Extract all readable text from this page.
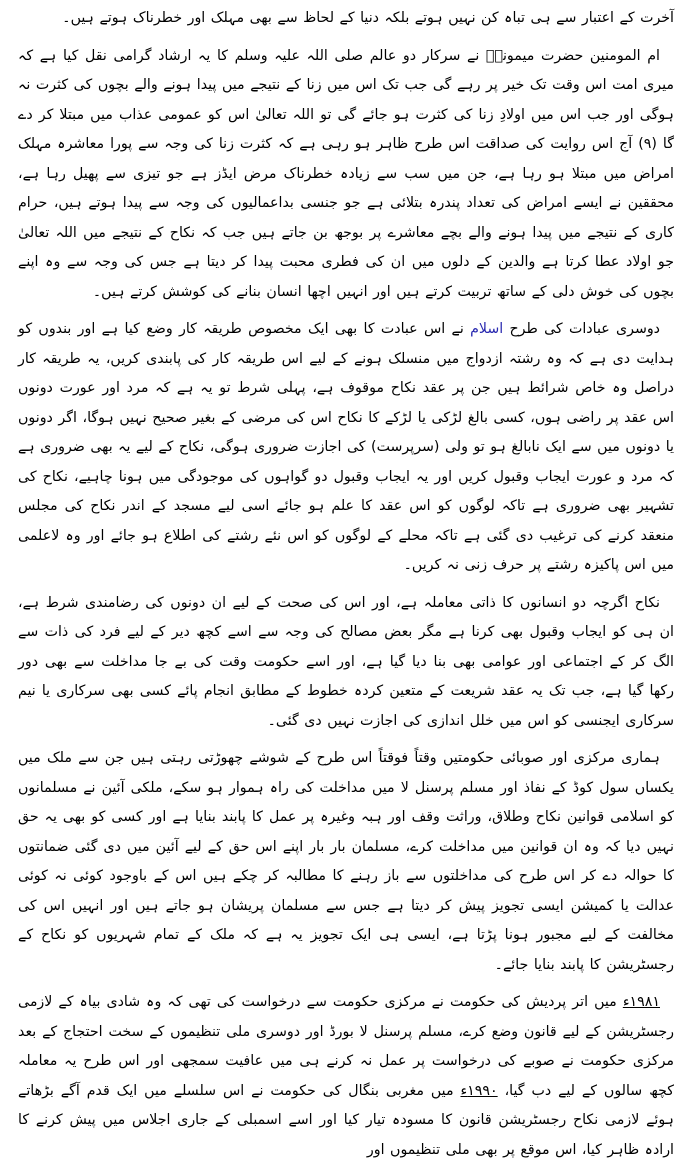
آخرت کے اعتبار سے ہی تباہ کن نہیں ہوتے بلکہ دنیا کے لحاظ سے بھی مہلک اور خطرناک ہوتے ہیں۔

ام المومنین حضرت میمونہؓ نے سرکار دو عالم صلی اللہ علیہ وسلم کا یہ ارشاد گرامی نقل کیا ہے کہ میری امت اس وقت تک خیر پر رہے گی جب تک اس میں زنا کے نتیجے میں پیدا ہونے والے بچوں کی کثرت نہ ہوگی اور جب اس میں اولادِ زنا کی کثرت ہو جائے گی تو اللہ تعالیٰ اس کو عمومی عذاب میں مبتلا کر دے گا (۹) آج اس روایت کی صداقت اس طرح ظاہر ہو رہی ہے کہ کثرت زنا کی وجہ سے پورا معاشرہ مہلک امراض میں مبتلا ہو رہا ہے، جن میں سب سے زیادہ خطرناک مرض ایڈز ہے جو تیزی سے پھیل رہا ہے، محققین نے ایسے امراض کی تعداد پندرہ بتلائی ہے جو جنسی بداعمالیوں کی وجہ سے پیدا ہوتے ہیں، حرام کاری کے نتیجے میں پیدا ہونے والے بچے معاشرے پر بوجھ بن جاتے ہیں جب کہ نکاح کے نتیجے میں اللہ تعالیٰ جو اولاد عطا کرتا ہے والدین کے دلوں میں ان کی فطری محبت پیدا کر دیتا ہے جس کی وجہ سے وہ اپنے بچوں کی خوش دلی کے ساتھ تربیت کرتے ہیں اور انہیں اچھا انسان بنانے کی کوشش کرتے ہیں۔

دوسری عبادات کی طرح اسلام نے اس عبادت کا بھی ایک مخصوص طریقہ کار وضع کیا ہے اور بندوں کو ہدایت دی ہے کہ وہ رشتہ ازدواج میں منسلک ہونے کے لیے اس طریقہ کار کی پابندی کریں، یہ طریقہ کار دراصل وہ خاص شرائط ہیں جن پر عقد نکاح موقوف ہے، پہلی شرط تو یہ ہے کہ مرد اور عورت دونوں اس عقد پر راضی ہوں، کسی بالغ لڑکی یا لڑکے کا نکاح اس کی مرضی کے بغیر صحیح نہیں ہوگا، اگر دونوں یا دونوں میں سے ایک نابالغ ہو تو ولی (سرپرست) کی اجازت ضروری ہوگی، نکاح کے لیے یہ بھی ضروری ہے کہ مرد و عورت ایجاب وقبول کریں اور یہ ایجاب وقبول دو گواہوں کی موجودگی میں ہونا چاہیے، نکاح کی تشہیر بھی ضروری ہے تاکہ لوگوں کو اس عقد کا علم ہو جائے اسی لیے مسجد کے اندر نکاح کی مجلس منعقد کرنے کی ترغیب دی گئی ہے تاکہ محلے کے لوگوں کو اس نئے رشتے کی اطلاع ہو جائے اور وہ لاعلمی میں اس پاکیزہ رشتے پر حرف زنی نہ کریں۔

نکاح اگرچہ دو انسانوں کا ذاتی معاملہ ہے، اور اس کی صحت کے لیے ان دونوں کی رضامندی شرط ہے، ان ہی کو ایجاب وقبول بھی کرنا ہے مگر بعض مصالح کی وجہ سے اسے کچھ دیر کے لیے فرد کی ذات سے الگ کر کے اجتماعی اور عوامی بھی بنا دیا گیا ہے، اور اسے حکومت وقت کی بے جا مداخلت سے بھی دور رکھا گیا ہے، جب تک یہ عقد شریعت کے متعین کردہ خطوط کے مطابق انجام پائے کسی بھی سرکاری یا نیم سرکاری ایجنسی کو اس میں خلل اندازی کی اجازت نہیں دی گئی۔

ہماری مرکزی اور صوبائی حکومتیں وقتاً فوقتاً اس طرح کے شوشے چھوڑتی رہتی ہیں جن سے ملک میں یکساں سول کوڈ کے نفاذ اور مسلم پرسنل لا میں مداخلت کی راہ ہموار ہو سکے، ملکی آئین نے مسلمانوں کو اسلامی قوانین نکاح وطلاق، وراثت وقف اور ہبہ وغیرہ پر عمل کا پابند بنایا ہے اور کسی کو بھی یہ حق نہیں دیا کہ وہ ان قوانین میں مداخلت کرے، مسلمان بار بار اپنے اس حق کے لیے آئین میں دی گئی ضمانتوں کا حوالہ دے کر اس طرح کی مداخلتوں سے باز رہنے کا مطالبہ کر چکے ہیں اس کے باوجود کوئی نہ کوئی عدالت یا کمیشن ایسی تجویز پیش کر دیتا ہے جس سے مسلمان پریشان ہو جاتے ہیں اور انہیں اس کی مخالفت کے لیے مجبور ہونا پڑتا ہے، ایسی ہی ایک تجویز یہ ہے کہ ملک کے تمام شہریوں کو نکاح کے رجسٹریشن کا پابند بنایا جائے۔

١٩٨١ء میں اتر پردیش کی حکومت نے مرکزی حکومت سے درخواست کی تھی کہ وہ شادی بیاہ کے لازمی رجسٹریشن کے لیے قانون وضع کرے، مسلم پرسنل لا بورڈ اور دوسری ملی تنظیموں کے سخت احتجاج کے بعد مرکزی حکومت نے صوبے کی درخواست پر عمل نہ کرنے ہی میں عافیت سمجھی اور اس طرح یہ معاملہ کچھ سالوں کے لیے دب گیا، ١٩٩٠ء میں مغربی بنگال کی حکومت نے اس سلسلے میں ایک قدم آگے بڑھاتے ہوئے لازمی نکاح رجسٹریشن قانون کا مسودہ تیار کیا اور اسے اسمبلی کے جاری اجلاس میں پیش کرنے کا ارادہ ظاہر کیا، اس موقع پر بھی ملی تنظیموں اور
